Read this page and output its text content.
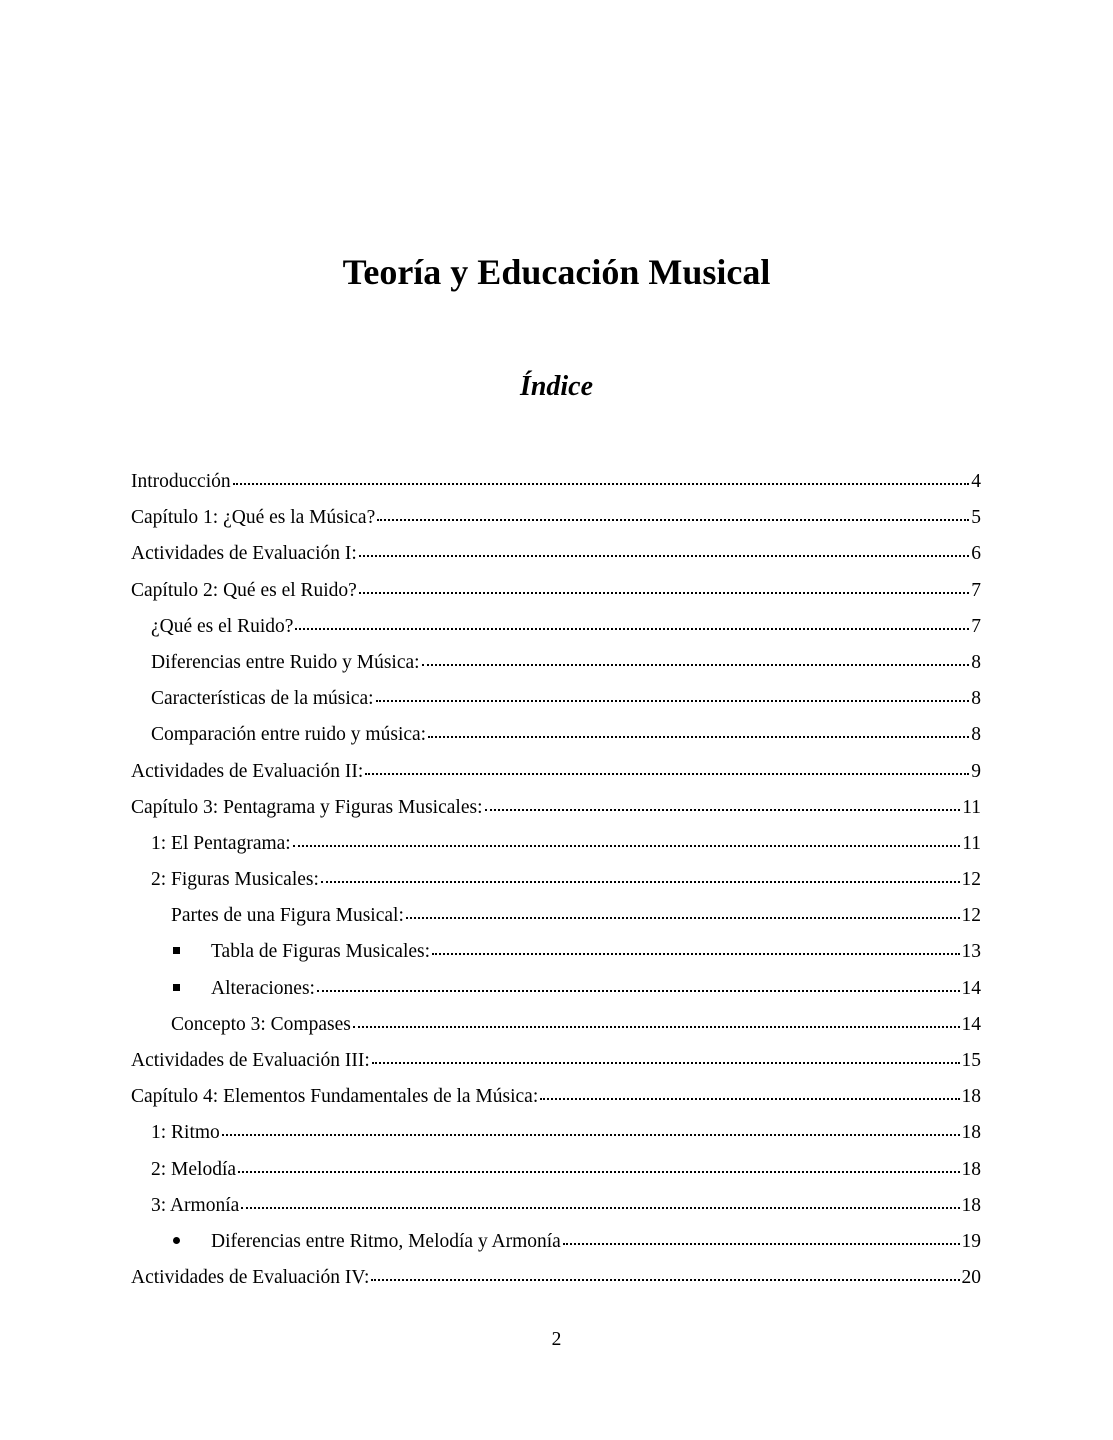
Teoría y Educación Musical
Índice
Introducción	4
Capítulo 1: ¿Qué es la Música?	5
Actividades de Evaluación I:	6
Capítulo 2: Qué es el Ruido?	7
¿Qué es el Ruido?	7
Diferencias entre Ruido y Música:	8
Características de la música:	8
Comparación entre ruido y música:	8
Actividades de Evaluación II:	9
Capítulo 3: Pentagrama y Figuras Musicales:	11
1: El Pentagrama:	11
2: Figuras Musicales:	12
Partes de una Figura Musical:	12
Tabla de Figuras Musicales:	13
Alteraciones:	14
Concepto 3: Compases	14
Actividades de Evaluación III:	15
Capítulo 4: Elementos Fundamentales de la Música:	18
1: Ritmo	18
2: Melodía	18
3: Armonía	18
Diferencias entre Ritmo, Melodía y Armonía	19
Actividades de Evaluación IV:	20
2
